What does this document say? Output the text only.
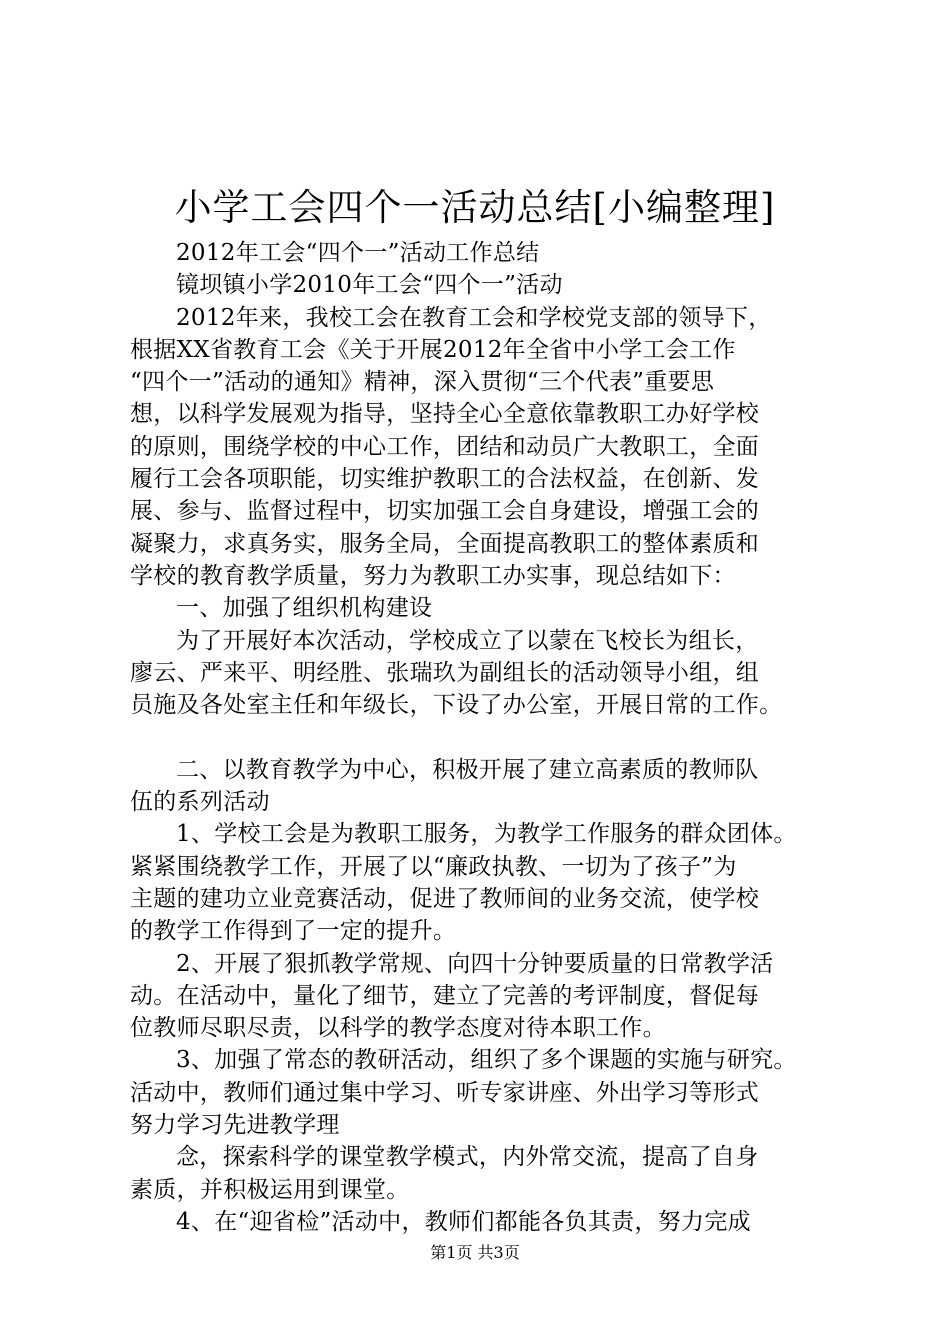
小学工会四个一活动总结[小编整理]
2012年工会“四个一”活动工作总结
镜坝镇小学2010年工会“四个一”活动
2012年来，我校工会在教育工会和学校党支部的领导下，
根据XX省教育工会《关于开展2012年全省中小学工会工作
“四个一”活动的通知》精神，深入贯彻“三个代表”重要思
想，以科学发展观为指导，坚持全心全意依靠教职工办好学校
的原则，围绕学校的中心工作，团结和动员广大教职工，全面
履行工会各项职能，切实维护教职工的合法权益，在创新、发
展、参与、监督过程中，切实加强工会自身建设，增强工会的
凝聚力，求真务实，服务全局，全面提高教职工的整体素质和
学校的教育教学质量，努力为教职工办实事，现总结如下：
一、加强了组织机构建设
为了开展好本次活动，学校成立了以蒙在飞校长为组长，
廖云、严来平、明经胜、张瑞玖为副组长的活动领导小组，组
员施及各处室主任和年级长，下设了办公室，开展日常的工作。
二、以教育教学为中心，积极开展了建立高素质的教师队
伍的系列活动
1、学校工会是为教职工服务，为教学工作服务的群众团体。
紧紧围绕教学工作，开展了以“廉政执教、一切为了孩子”为
主题的建功立业竞赛活动，促进了教师间的业务交流，使学校
的教学工作得到了一定的提升。
2、开展了狠抓教学常规、向四十分钟要质量的日常教学活
动。在活动中，量化了细节，建立了完善的考评制度，督促每
位教师尽职尽责，以科学的教学态度对待本职工作。
3、加强了常态的教研活动，组织了多个课题的实施与研究。
活动中，教师们通过集中学习、听专家讲座、外出学习等形式
努力学习先进教学理
念，探索科学的课堂教学模式，内外常交流，提高了自身
素质，并积极运用到课堂。
4、在“迎省检”活动中，教师们都能各负其责，努力完成
第1页 共3页
